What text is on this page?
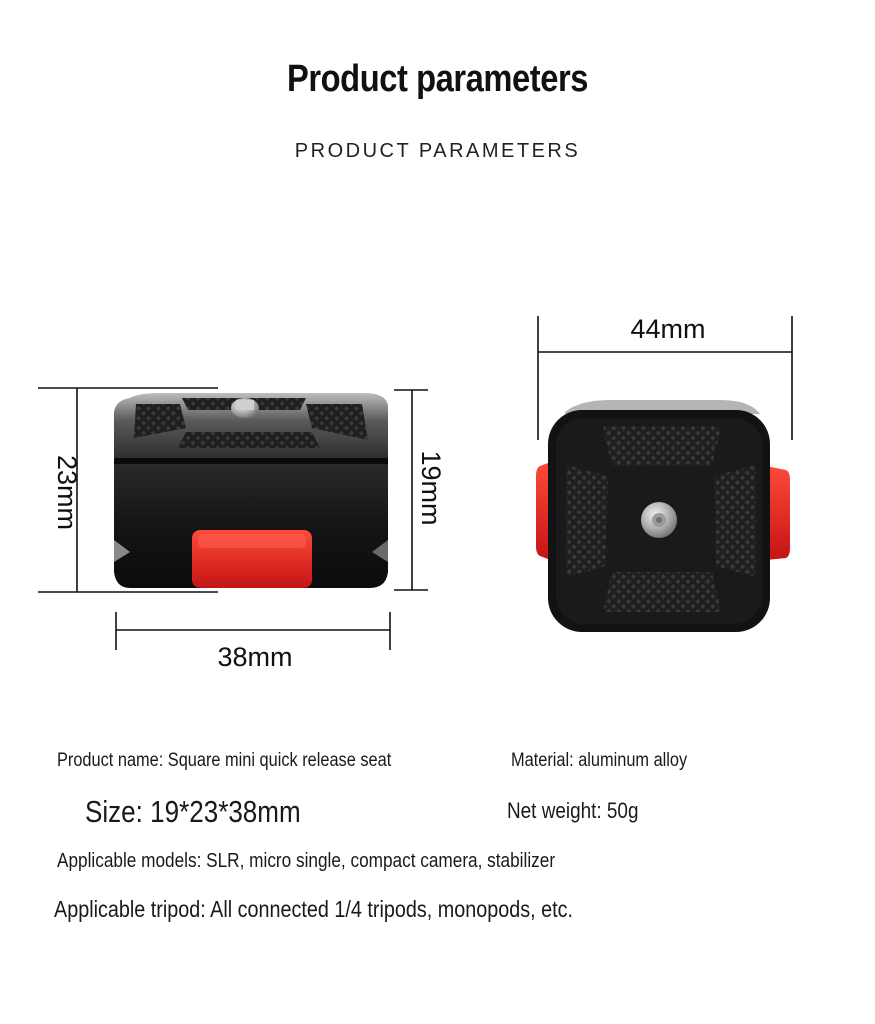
Product parameters
PRODUCT PARAMETERS
23mm	19mm
38mm
44mm
Product name: Square mini quick release seat	Material: aluminum alloy
Size: 19*23*38mm	Net weight: 50g
Applicable models: SLR, micro single, compact camera, stabilizer
Applicable tripod: All connected 1/4 tripods, monopods, etc.
